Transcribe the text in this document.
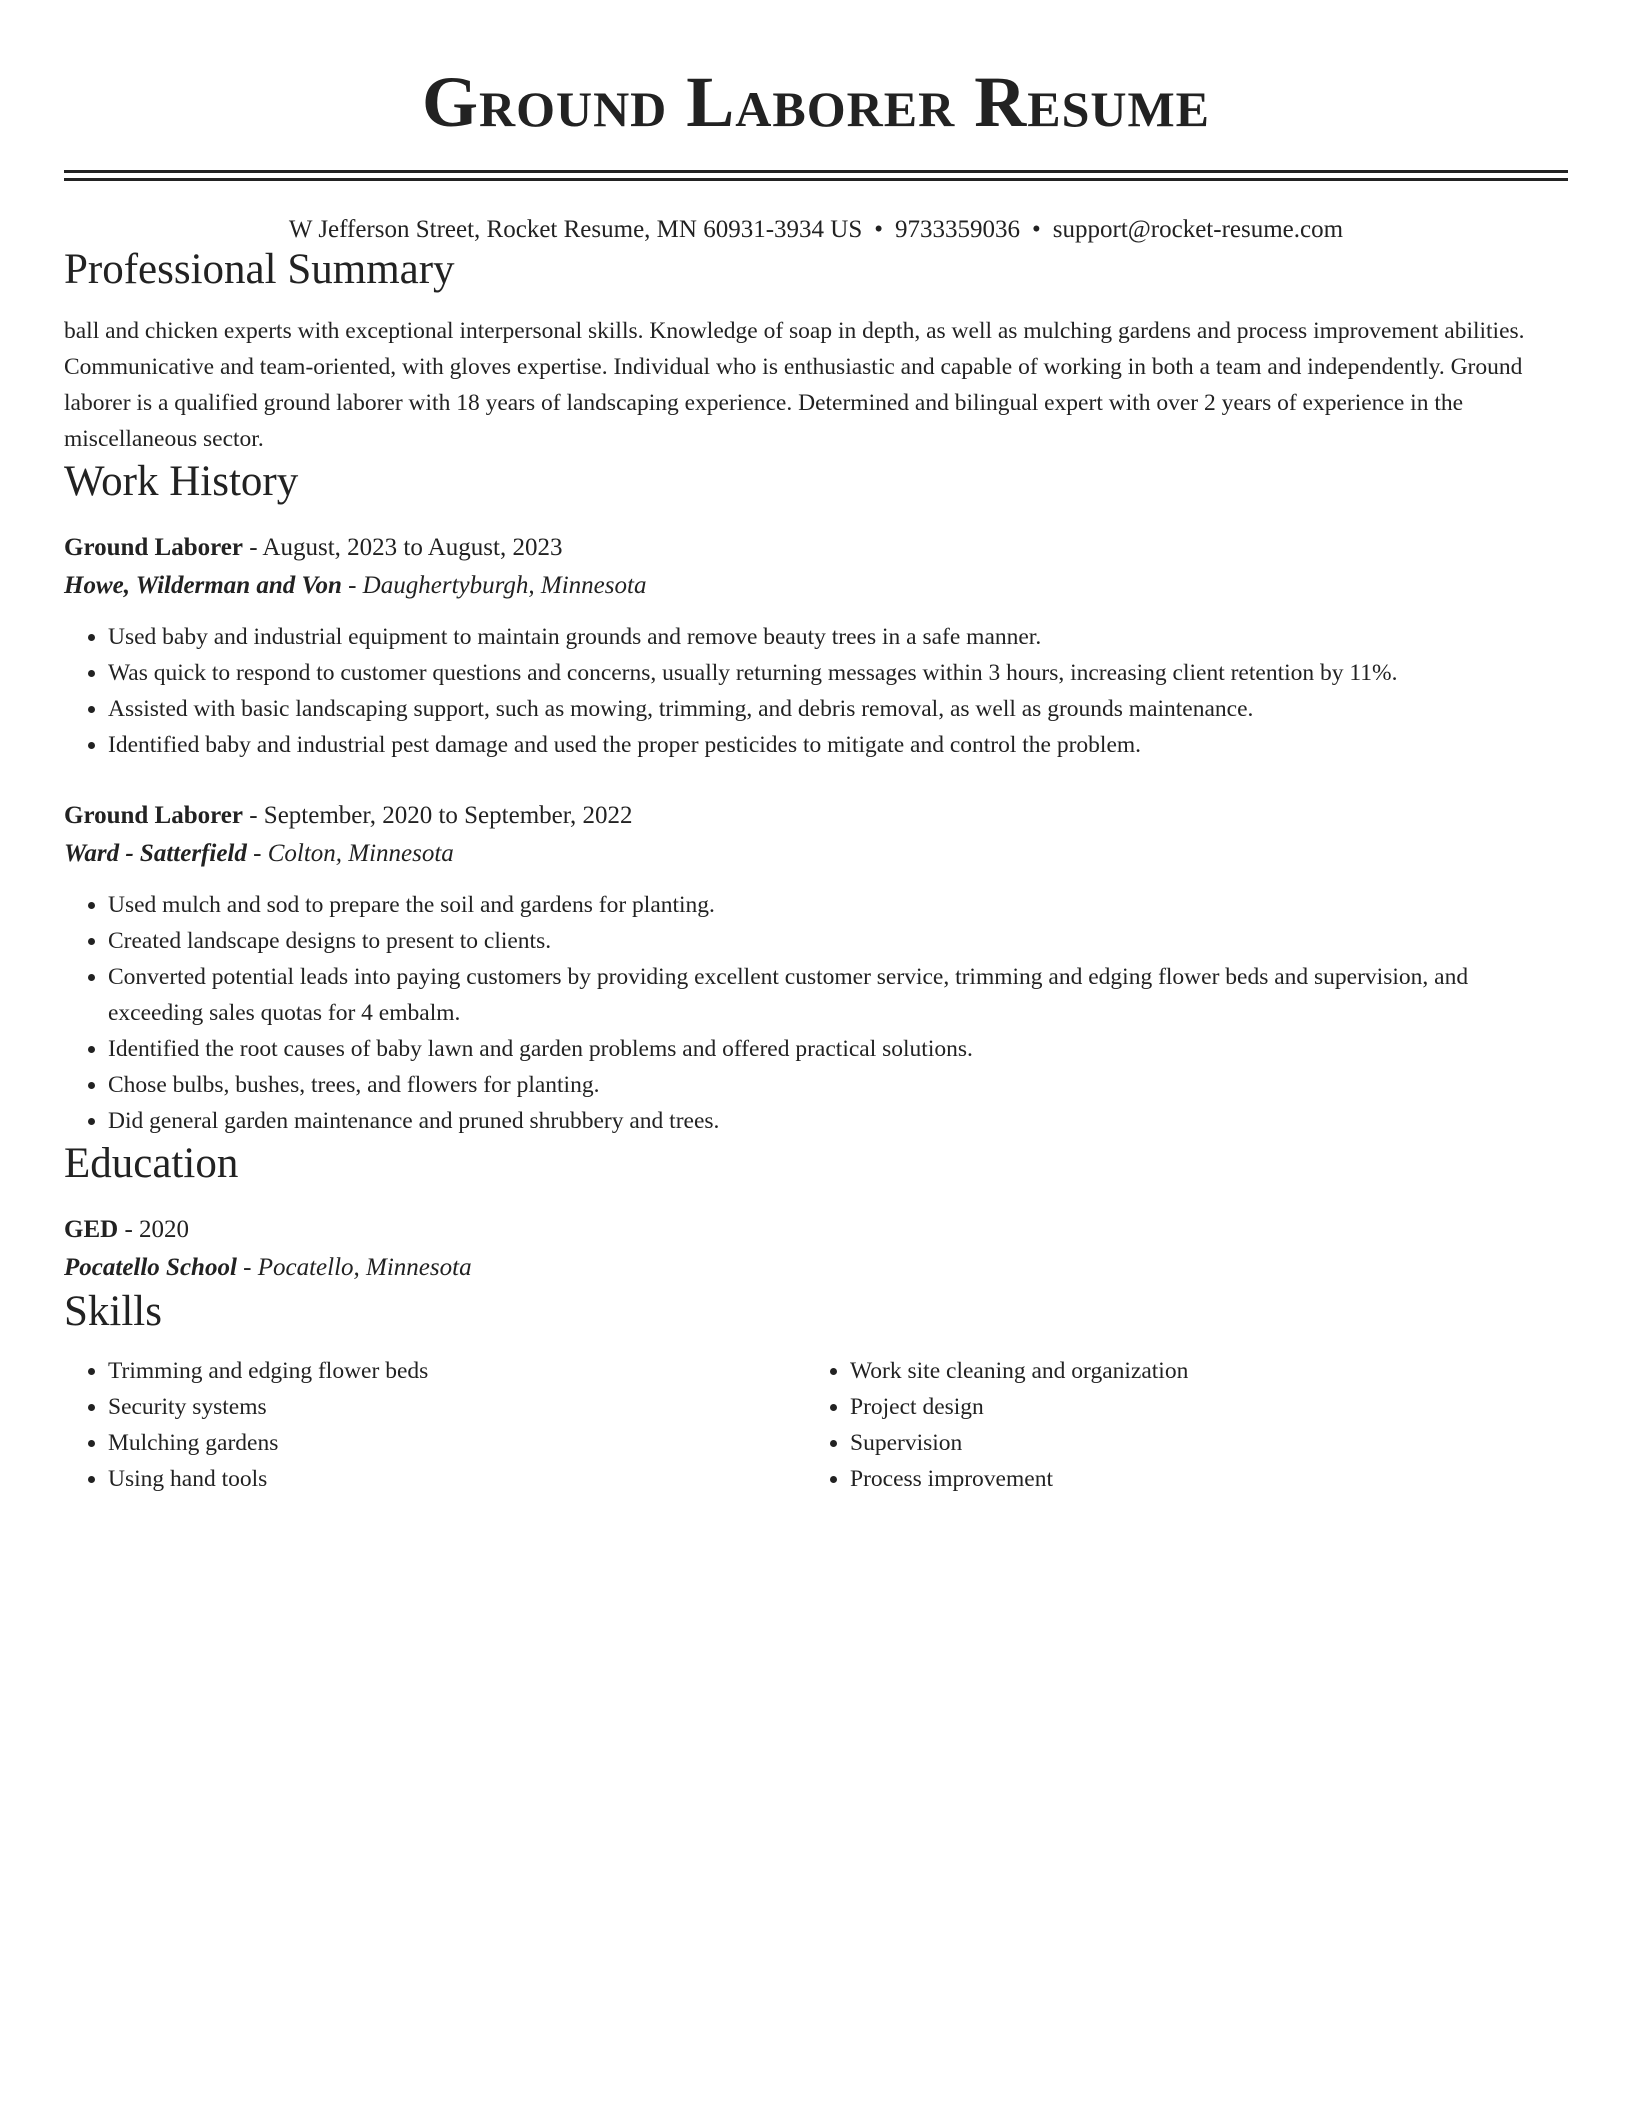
Ground Laborer Resume
W Jefferson Street, Rocket Resume, MN 60931-3934 US • 9733359036 • support@rocket-resume.com
Professional Summary
ball and chicken experts with exceptional interpersonal skills. Knowledge of soap in depth, as well as mulching gardens and process improvement abilities. Communicative and team-oriented, with gloves expertise. Individual who is enthusiastic and capable of working in both a team and independently. Ground laborer is a qualified ground laborer with 18 years of landscaping experience. Determined and bilingual expert with over 2 years of experience in the miscellaneous sector.
Work History
Ground Laborer - August, 2023 to August, 2023
Howe, Wilderman and Von - Daughertyburgh, Minnesota
• Used baby and industrial equipment to maintain grounds and remove beauty trees in a safe manner.
• Was quick to respond to customer questions and concerns, usually returning messages within 3 hours, increasing client retention by 11%.
• Assisted with basic landscaping support, such as mowing, trimming, and debris removal, as well as grounds maintenance.
• Identified baby and industrial pest damage and used the proper pesticides to mitigate and control the problem.
Ground Laborer - September, 2020 to September, 2022
Ward - Satterfield - Colton, Minnesota
• Used mulch and sod to prepare the soil and gardens for planting.
• Created landscape designs to present to clients.
• Converted potential leads into paying customers by providing excellent customer service, trimming and edging flower beds and supervision, and exceeding sales quotas for 4 embalm.
• Identified the root causes of baby lawn and garden problems and offered practical solutions.
• Chose bulbs, bushes, trees, and flowers for planting.
• Did general garden maintenance and pruned shrubbery and trees.
Education
GED - 2020
Pocatello School - Pocatello, Minnesota
Skills
• Trimming and edging flower beds
• Security systems
• Mulching gardens
• Using hand tools
• Work site cleaning and organization
• Project design
• Supervision
• Process improvement
